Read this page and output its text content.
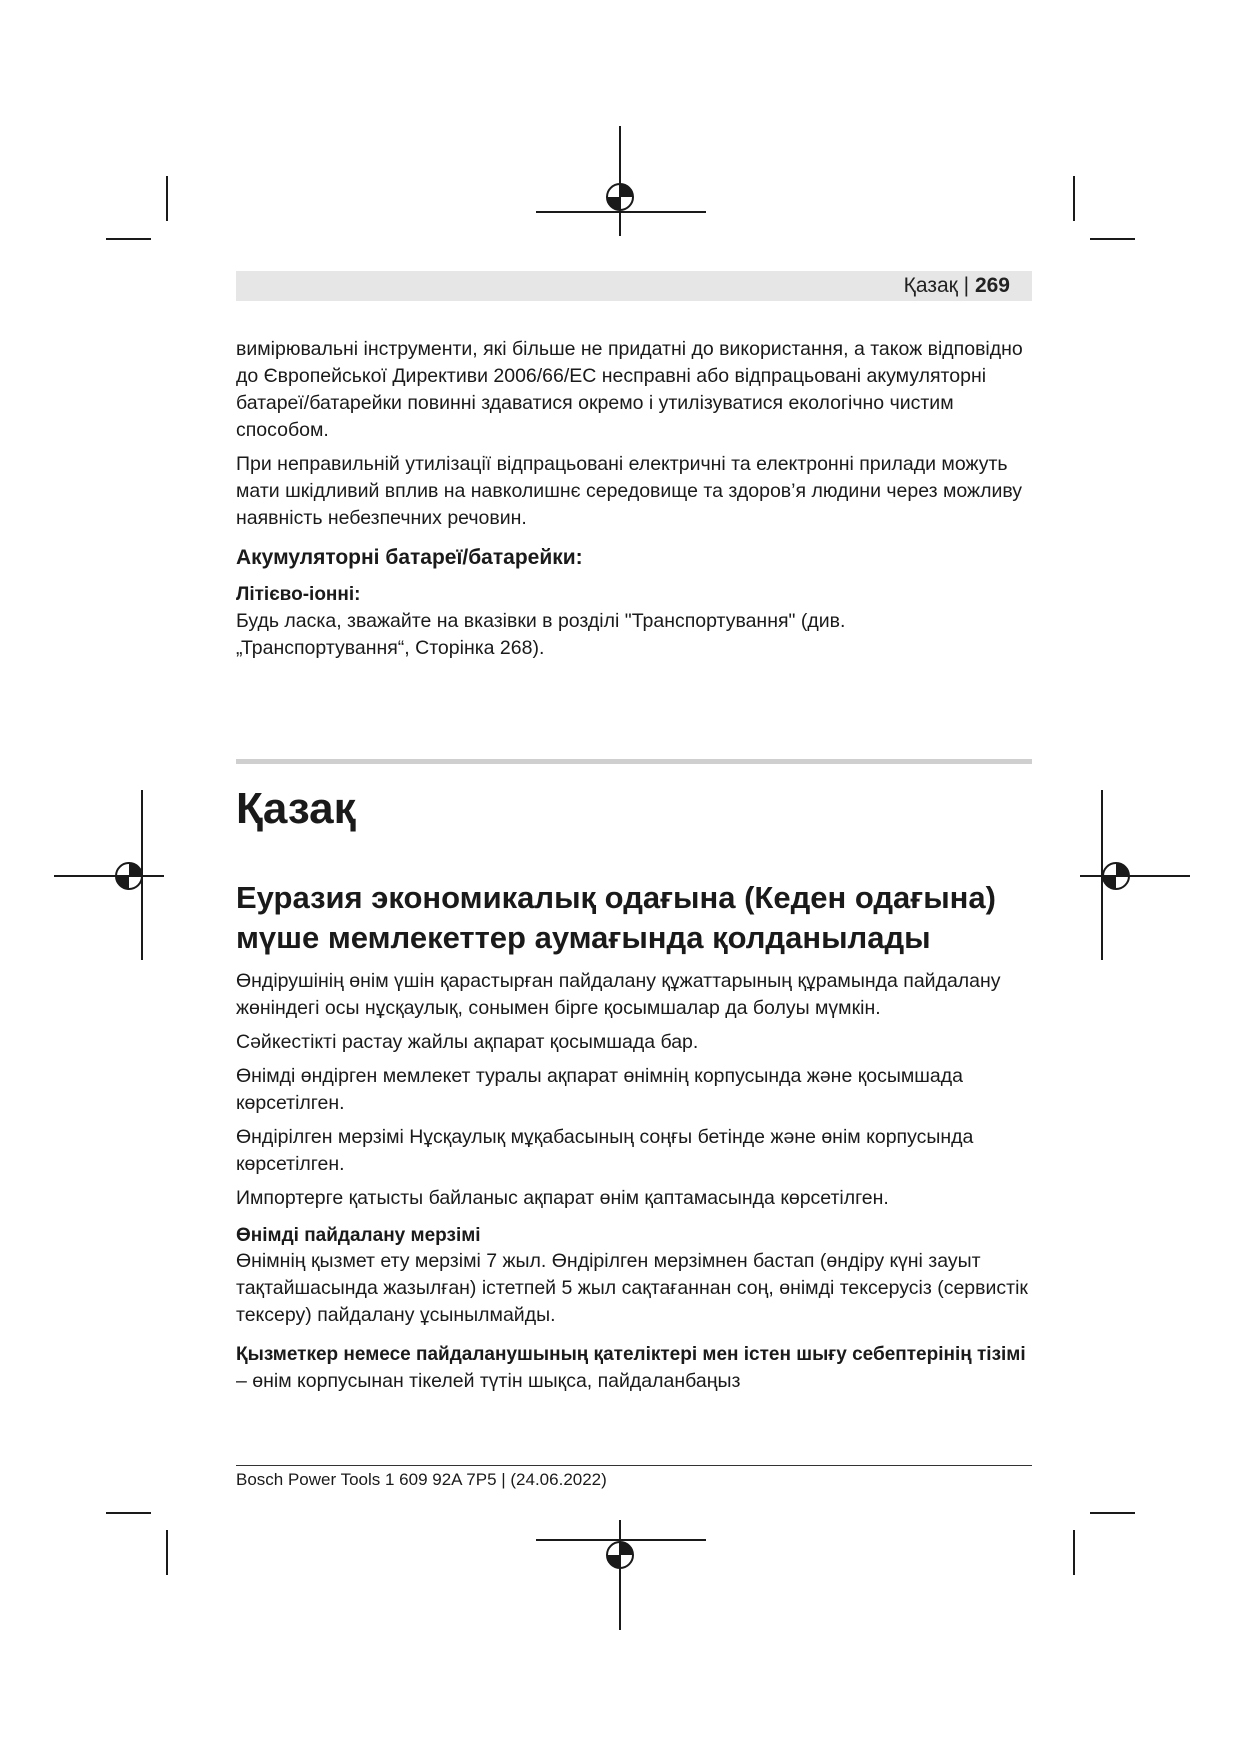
Қазақ | 269

вимірювальні інструменти, які більше не придатні до використання, а також відповідно до Європейської Директиви 2006/66/EC несправні або відпрацьовані акумуляторні батареї/батарейки повинні здаватися окремо і утилізуватися екологічно чистим способом.

При неправильній утилізації відпрацьовані електричні та електронні прилади можуть мати шкідливий вплив на навколишнє середовище та здоров’я людини через можливу наявність небезпечних речовин.

Акумуляторні батареї/батарейки:

Літієво-іонні:

Будь ласка, зважайте на вказівки в розділі "Транспортування" (див.

„Транспортування“, Сторінка 268).

Қазақ
Еуразия экономикалық одағына (Кеден одағына)
мүше мемлекеттер аумағында қолданылады

Өндірушінің өнім үшін қарастырған пайдалану құжаттарының құрамында пайдалану жөніндегі осы нұсқаулық, сонымен бірге қосымшалар да болуы мүмкін.

Сәйкестікті растау жайлы ақпарат қосымшада бар.

Өнімді өндірген мемлекет туралы ақпарат өнімнің корпусында және қосымшада көрсетілген.

Өндірілген мерзімі Нұсқаулық мұқабасының соңғы бетінде және өнім корпусында көрсетілген.

Импортерге қатысты байланыс ақпарат өнім қаптамасында көрсетілген.

Өнімді пайдалану мерзімі

Өнімнің қызмет ету мерзімі 7 жыл. Өндірілген мерзімнен бастап (өндіру күні зауыт тақтайшасында жазылған) істетпей 5 жыл сақтағаннан соң, өнімді тексерусіз (сервистік тексеру) пайдалану ұсынылмайды.

Қызметкер немесе пайдаланушының қателіктері мен істен шығу себептерінің тізімі

– өнім корпусынан тікелей түтін шықса, пайдаланбаңыз

Bosch Power Tools 1 609 92A 7P5 | (24.06.2022)
